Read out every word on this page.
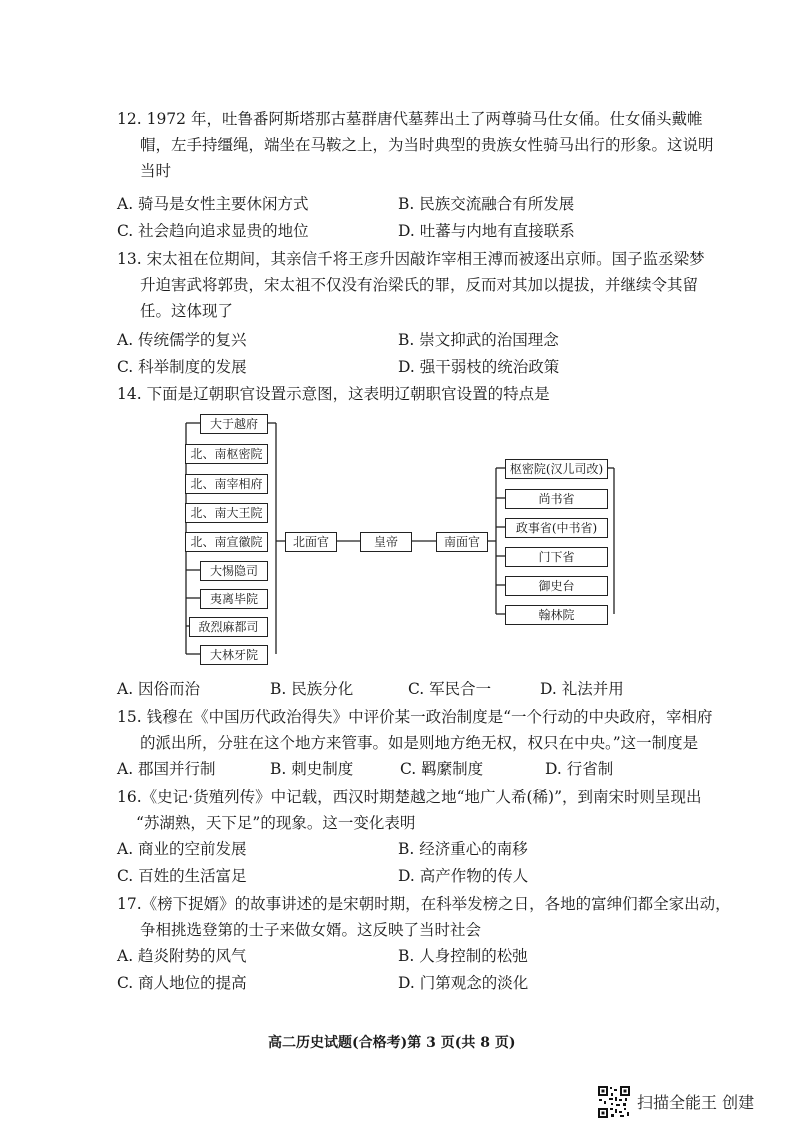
12. 1972 年，吐鲁番阿斯塔那古墓群唐代墓葬出土了两尊骑马仕女俑。仕女俑头戴帷
帽，左手持缰绳，端坐在马鞍之上，为当时典型的贵族女性骑马出行的形象。这说明
当时
A. 骑马是女性主要休闲方式	B. 民族交流融合有所发展
C. 社会趋向追求显贵的地位	D. 吐蕃与内地有直接联系
13. 宋太祖在位期间，其亲信千将王彦升因敲诈宰相王溥而被逐出京师。国子监丞梁梦
升迫害武将郭贵，宋太祖不仅没有治梁氏的罪，反而对其加以提拔，并继续令其留
任。这体现了
A. 传统儒学的复兴	B. 崇文抑武的治国理念
C. 科举制度的发展	D. 强干弱枝的统治政策
14. 下面是辽朝职官设置示意图，这表明辽朝职官设置的特点是
大于越府
北、南枢密院
北、南宰相府
北、南大王院
北、南宣徽院
大惕隐司
夷离毕院
敌烈麻都司
大林牙院
北面官	皇帝	南面官
枢密院(汉儿司改)
尚书省
政事省(中书省)
门下省
御史台
翰林院
A. 因俗而治	B. 民族分化	C. 军民合一	D. 礼法并用
15. 钱穆在《中国历代政治得失》中评价某一政治制度是“一个行动的中央政府，宰相府
的派出所，分驻在这个地方来管事。如是则地方绝无权，权只在中央。”这一制度是
A. 郡国并行制	B. 刺史制度	C. 羁縻制度	D. 行省制
16.《史记·货殖列传》中记载，西汉时期楚越之地“地广人希(稀)”，到南宋时则呈现出
“苏湖熟，天下足”的现象。这一变化表明
A. 商业的空前发展	B. 经济重心的南移
C. 百姓的生活富足	D. 高产作物的传人
17.《榜下捉婿》的故事讲述的是宋朝时期，在科举发榜之日，各地的富绅们都全家出动，
争相挑选登第的士子来做女婿。这反映了当时社会
A. 趋炎附势的风气	B. 人身控制的松弛
C. 商人地位的提高	D. 门第观念的淡化
高二历史试题(合格考)第 3 页(共 8 页)
扫描全能王 创建
